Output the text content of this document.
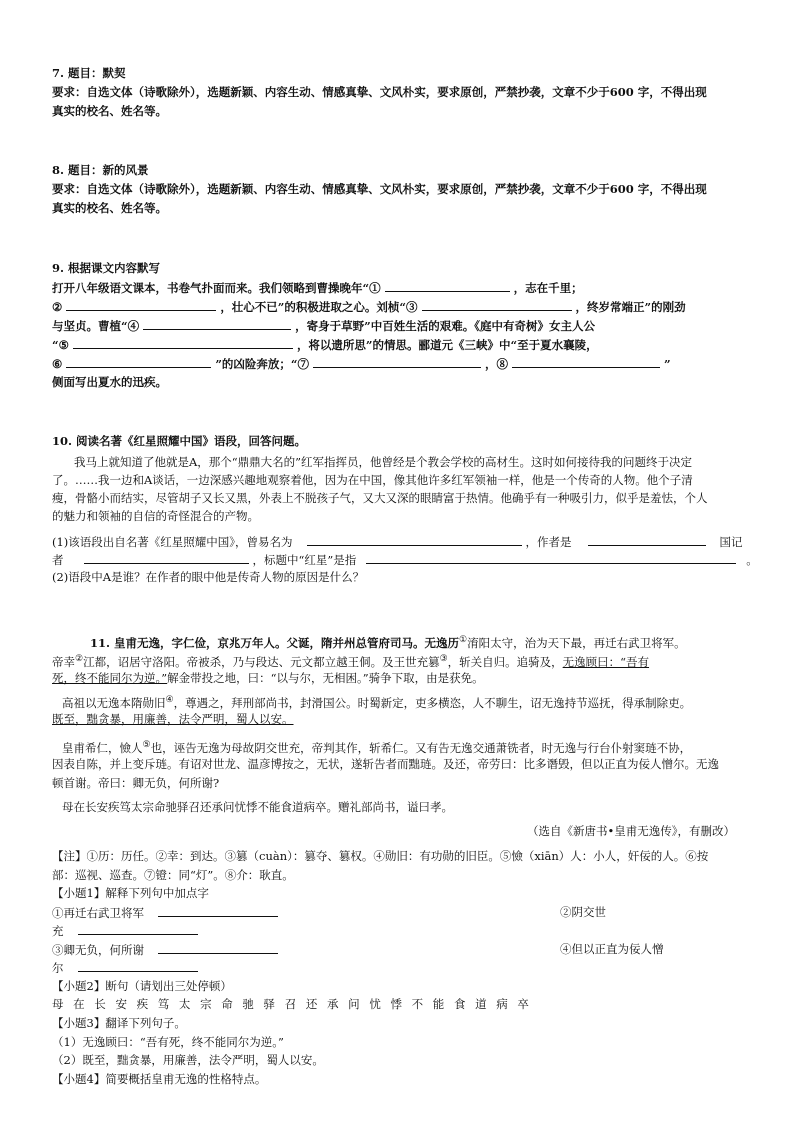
7. 题目：默契
要求：自选文体（诗歌除外），选题新颖、内容生动、情感真挚、文风朴实，要求原创，严禁抄袭，文章不少于600 字，不得出现
真实的校名、姓名等。
8. 题目：新的风景
要求：自选文体（诗歌除外），选题新颖、内容生动、情感真挚、文风朴实，要求原创，严禁抄袭，文章不少于600 字，不得出现
真实的校名、姓名等。
9. 根据课文内容默写
打开八年级语文课本，书卷气扑面而来。我们领略到曹操晚年“①	，志在千里；
②	，壮心不已”的积极进取之心。刘桢“③	，终岁常端正”的刚劲
与坚贞。曹植“④	，寄身于草野”中百姓生活的艰难。《庭中有奇树》女主人公
“⑤	，将以遗所思”的情思。郦道元《三峡》中“至于夏水襄陵，
⑥	”的凶险奔放；“⑦	，⑧	”
侧面写出夏水的迅疾。
10. 阅读名著《红星照耀中国》语段，回答问题。
我马上就知道了他就是A，那个“鼎鼎大名的”红军指挥员，他曾经是个教会学校的高材生。这时如何接待我的问题终于决定
了。……我一边和A谈话，一边深感兴趣地观察着他，因为在中国，像其他许多红军领袖一样，他是一个传奇的人物。他个子清
瘦，骨骼小而结实，尽管胡子又长又黑，外表上不脱孩子气，又大又深的眼睛富于热情。他确乎有一种吸引力，似乎是羞怯，个人
的魅力和领袖的自信的奇怪混合的产物。
(1)该语段出自名著《红星照耀中国》，曾易名为	，作者是	国记
者	，标题中“红星”是指	。
(2)语段中A是谁？在作者的眼中他是传奇人物的原因是什么？
11. 皇甫无逸，字仁俭，京兆万年人。父诞，隋并州总管府司马。无逸历①淯阳太守，治为天下最，再迁右武卫将军。
帝幸②江都，诏居守洛阳。帝被杀，乃与段达、元文都立越王侗。及王世充篡③，斩关自归。追骑及，无逸顾曰：“吾有
死，终不能同尔为逆。”解金带投之地，曰：“以与尔，无相困。”骑争下取，由是获免。
高祖以无逸本隋勋旧④，尊遇之，拜刑部尚书，封滑国公。时蜀新定，吏多横恣，人不聊生，诏无逸持节巡抚，得承制除吏。
既至，黜贪暴，用廉善，法令严明，蜀人以安。
皇甫希仁，憸人⑤也，诬告无逸为母故阴交世充，帝判其作，斩希仁。又有告无逸交通萧铣者，时无逸与行台仆射窦琏不协，
因表自陈，并上变斥琏。有诏对世龙、温彦博按之，无状，遂斩告者而黜琏。及还，帝劳曰：比多谮毁，但以正直为佞人憎尔。无逸
顿首谢。帝曰：卿无负，何所谢?
母在长安疾笃太宗命驰驿召还承问忧悸不能食道病卒。赠礼部尚书，谥曰孝。
（选自《新唐书•皇甫无逸传》，有删改）
【注】①历：历任。②幸：到达。③篡（cuàn）：篡夺、篡权。④勋旧：有功勋的旧臣。⑤憸（xiān）人：小人，奸佞的人。⑥按
部：巡视、巡查。⑦镫：同“灯”。⑧介：耿直。
【小题1】解释下列句中加点字
①再迁右武卫将军	②阴交世
充
③卿无负，何所谢	④但以正直为佞人憎
尔
【小题2】断句（请划出三处停顿）
母 在 长 安 疾 笃 太 宗 命 驰 驿 召 还 承 问 忧 悸 不 能 食 道 病 卒
【小题3】翻译下列句子。
（1）无逸顾曰：“吾有死，终不能同尔为逆。”
（2）既至，黜贪暴，用廉善，法令严明，蜀人以安。
【小题4】简要概括皇甫无逸的性格特点。
